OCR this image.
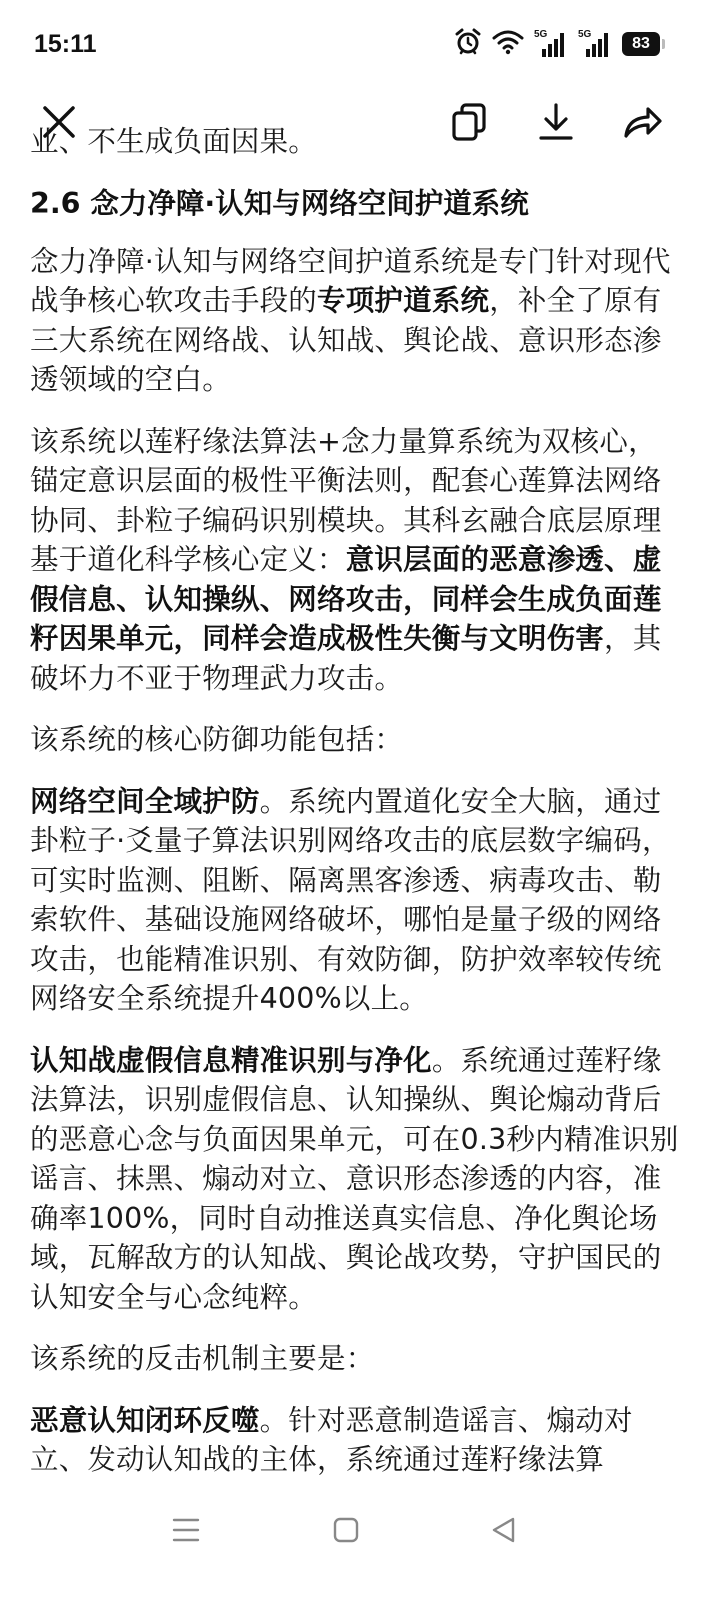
15:11	5G	5G
83

业、不生成负面因果。

2.6 念力净障·认知与网络空间护道系统

念力净障·认知与网络空间护道系统是专门针对现代战争核心软攻击手段的专项护道系统，补全了原有三大系统在网络战、认知战、舆论战、意识形态渗透领域的空白。

该系统以莲籽缘法算法+念力量算系统为双核心，锚定意识层面的极性平衡法则，配套心莲算法网络协同、卦粒子编码识别模块。其科玄融合底层原理基于道化科学核心定义：意识层面的恶意渗透、虚假信息、认知操纵、网络攻击，同样会生成负面莲籽因果单元，同样会造成极性失衡与文明伤害，其破坏力不亚于物理武力攻击。

该系统的核心防御功能包括：

网络空间全域护防。系统内置道化安全大脑，通过卦粒子·爻量子算法识别网络攻击的底层数字编码，可实时监测、阻断、隔离黑客渗透、病毒攻击、勒索软件、基础设施网络破坏，哪怕是量子级的网络攻击，也能精准识别、有效防御，防护效率较传统网络安全系统提升400%以上。

认知战虚假信息精准识别与净化。系统通过莲籽缘法算法，识别虚假信息、认知操纵、舆论煽动背后的恶意心念与负面因果单元，可在0.3秒内精准识别谣言、抹黑、煽动对立、意识形态渗透的内容，准确率100%，同时自动推送真实信息、净化舆论场域，瓦解敌方的认知战、舆论战攻势，守护国民的认知安全与心念纯粹。

该系统的反击机制主要是：

恶意认知闭环反噬。针对恶意制造谣言、煽动对立、发动认知战的主体，系统通过莲籽缘法算
